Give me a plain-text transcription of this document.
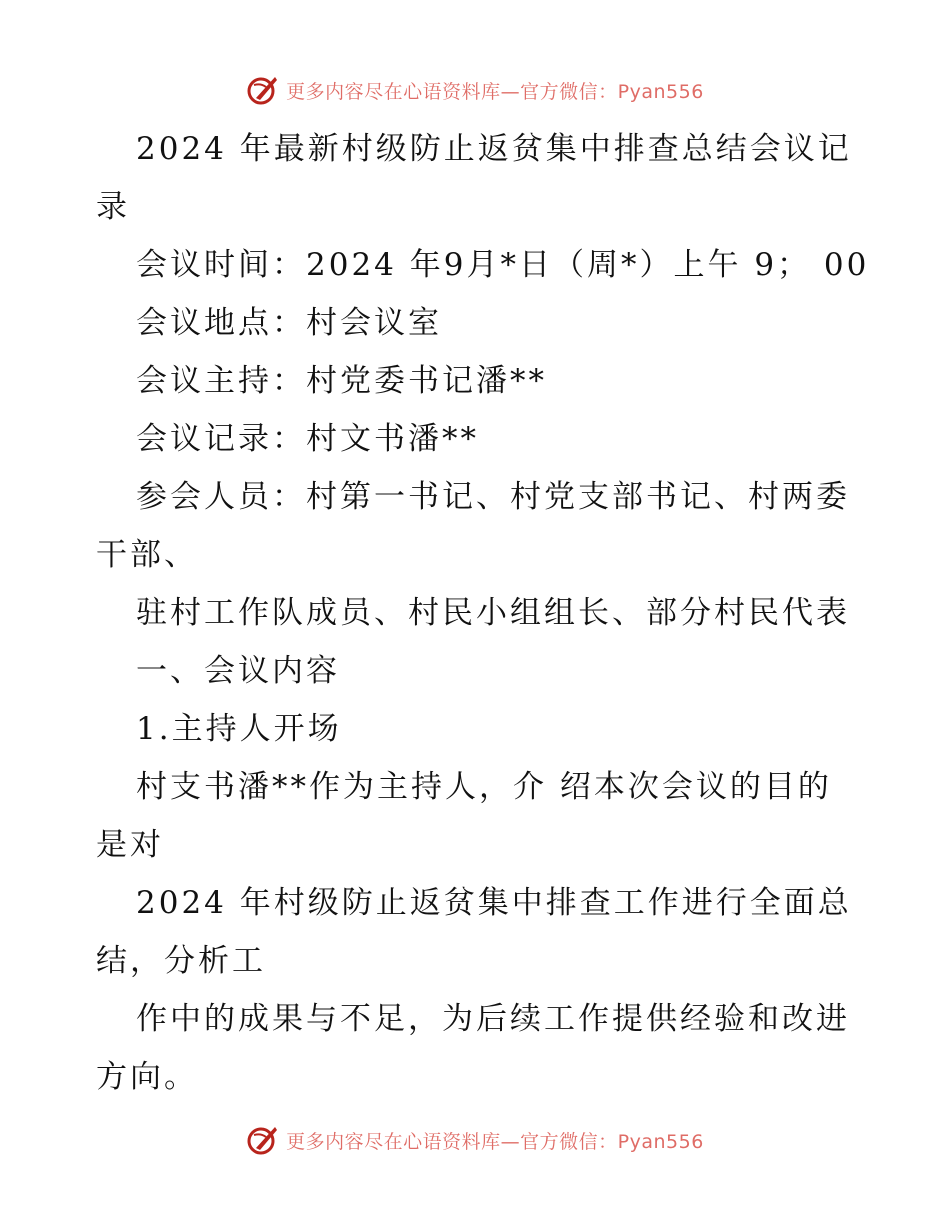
更多内容尽在心语资料库—官方微信：Pyan556
2024 年最新村级防止返贫集中排查总结会议记
录
会议时间：2024 年9月*日（周*）上午 9； 00
会议地点：村会议室
会议主持：村党委书记潘**
会议记录：村文书潘**
参会人员：村第一书记、村党支部书记、村两委
干部、
驻村工作队成员、村民小组组长、部分村民代表
一、会议内容
1.主持人开场
村支书潘**作为主持人，介 绍本次会议的目的
是对
2024 年村级防止返贫集中排查工作进行全面总
结，分析工
作中的成果与不足，为后续工作提供经验和改进
方向。
更多内容尽在心语资料库—官方微信：Pyan556
